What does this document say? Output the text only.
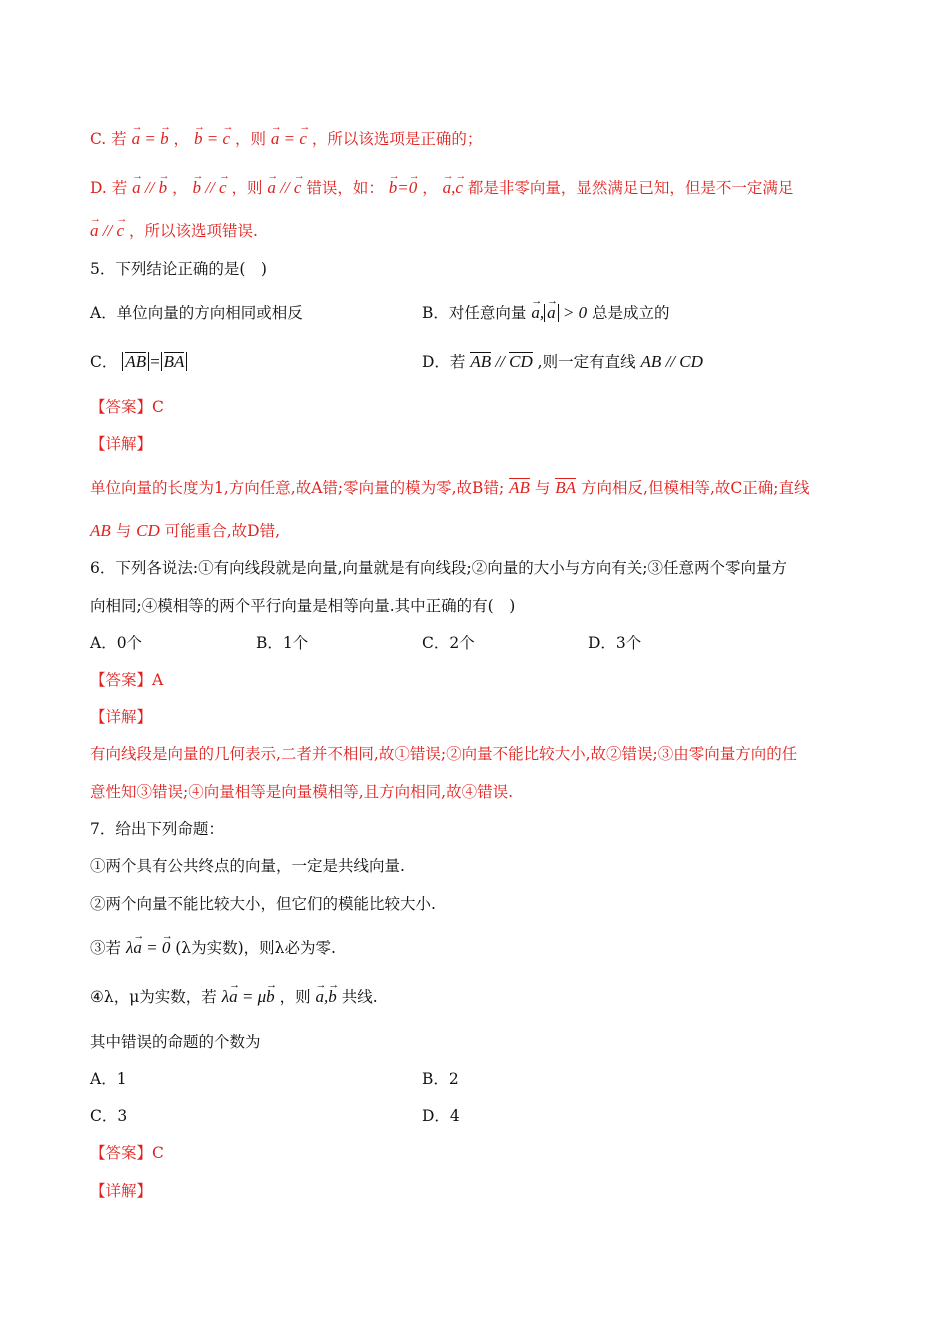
C. 若 → a = → b ， → b = → c ，则 → a = → c ，所以该选项是正确的；
D. 若 → a // → b ， → b // → c ，则 → a // → c 错误，如： → b=→ 0 ， → a,→ c 都是非零向量，显然满足已知，但是不一定满足
→ a // → c ，所以该选项错误.
5．下列结论正确的是(　)
A．单位向量的方向相同或相反	B．对任意向量 → a, → a > 0 总是成立的
C． AB = BA	D．若 AB // CD ,则一定有直线 AB // CD
【答案】C
【详解】
单位向量的长度为1,方向任意,故A错;零向量的模为零,故B错; AB 与 BA 方向相反,但模相等,故C正确;直线
AB 与 CD 可能重合,故D错,
6．下列各说法:①有向线段就是向量,向量就是有向线段;②向量的大小与方向有关;③任意两个零向量方
向相同;④模相等的两个平行向量是相等向量.其中正确的有(　)
A．0个	B．1个	C．2个	D．3个
【答案】A
【详解】
有向线段是向量的几何表示,二者并不相同,故①错误;②向量不能比较大小,故②错误;③由零向量方向的任
意性知③错误;④向量相等是向量模相等,且方向相同,故④错误.
7．给出下列命题：
①两个具有公共终点的向量，一定是共线向量.
②两个向量不能比较大小，但它们的模能比较大小.
③若 λ→ a = → 0 (λ为实数)，则λ必为零.
④λ，μ为实数，若 λ→ a = μ→ b ，则 → a,→ b 共线.
其中错误的命题的个数为
A．1	B．2
C．3	D．4
【答案】C
【详解】
